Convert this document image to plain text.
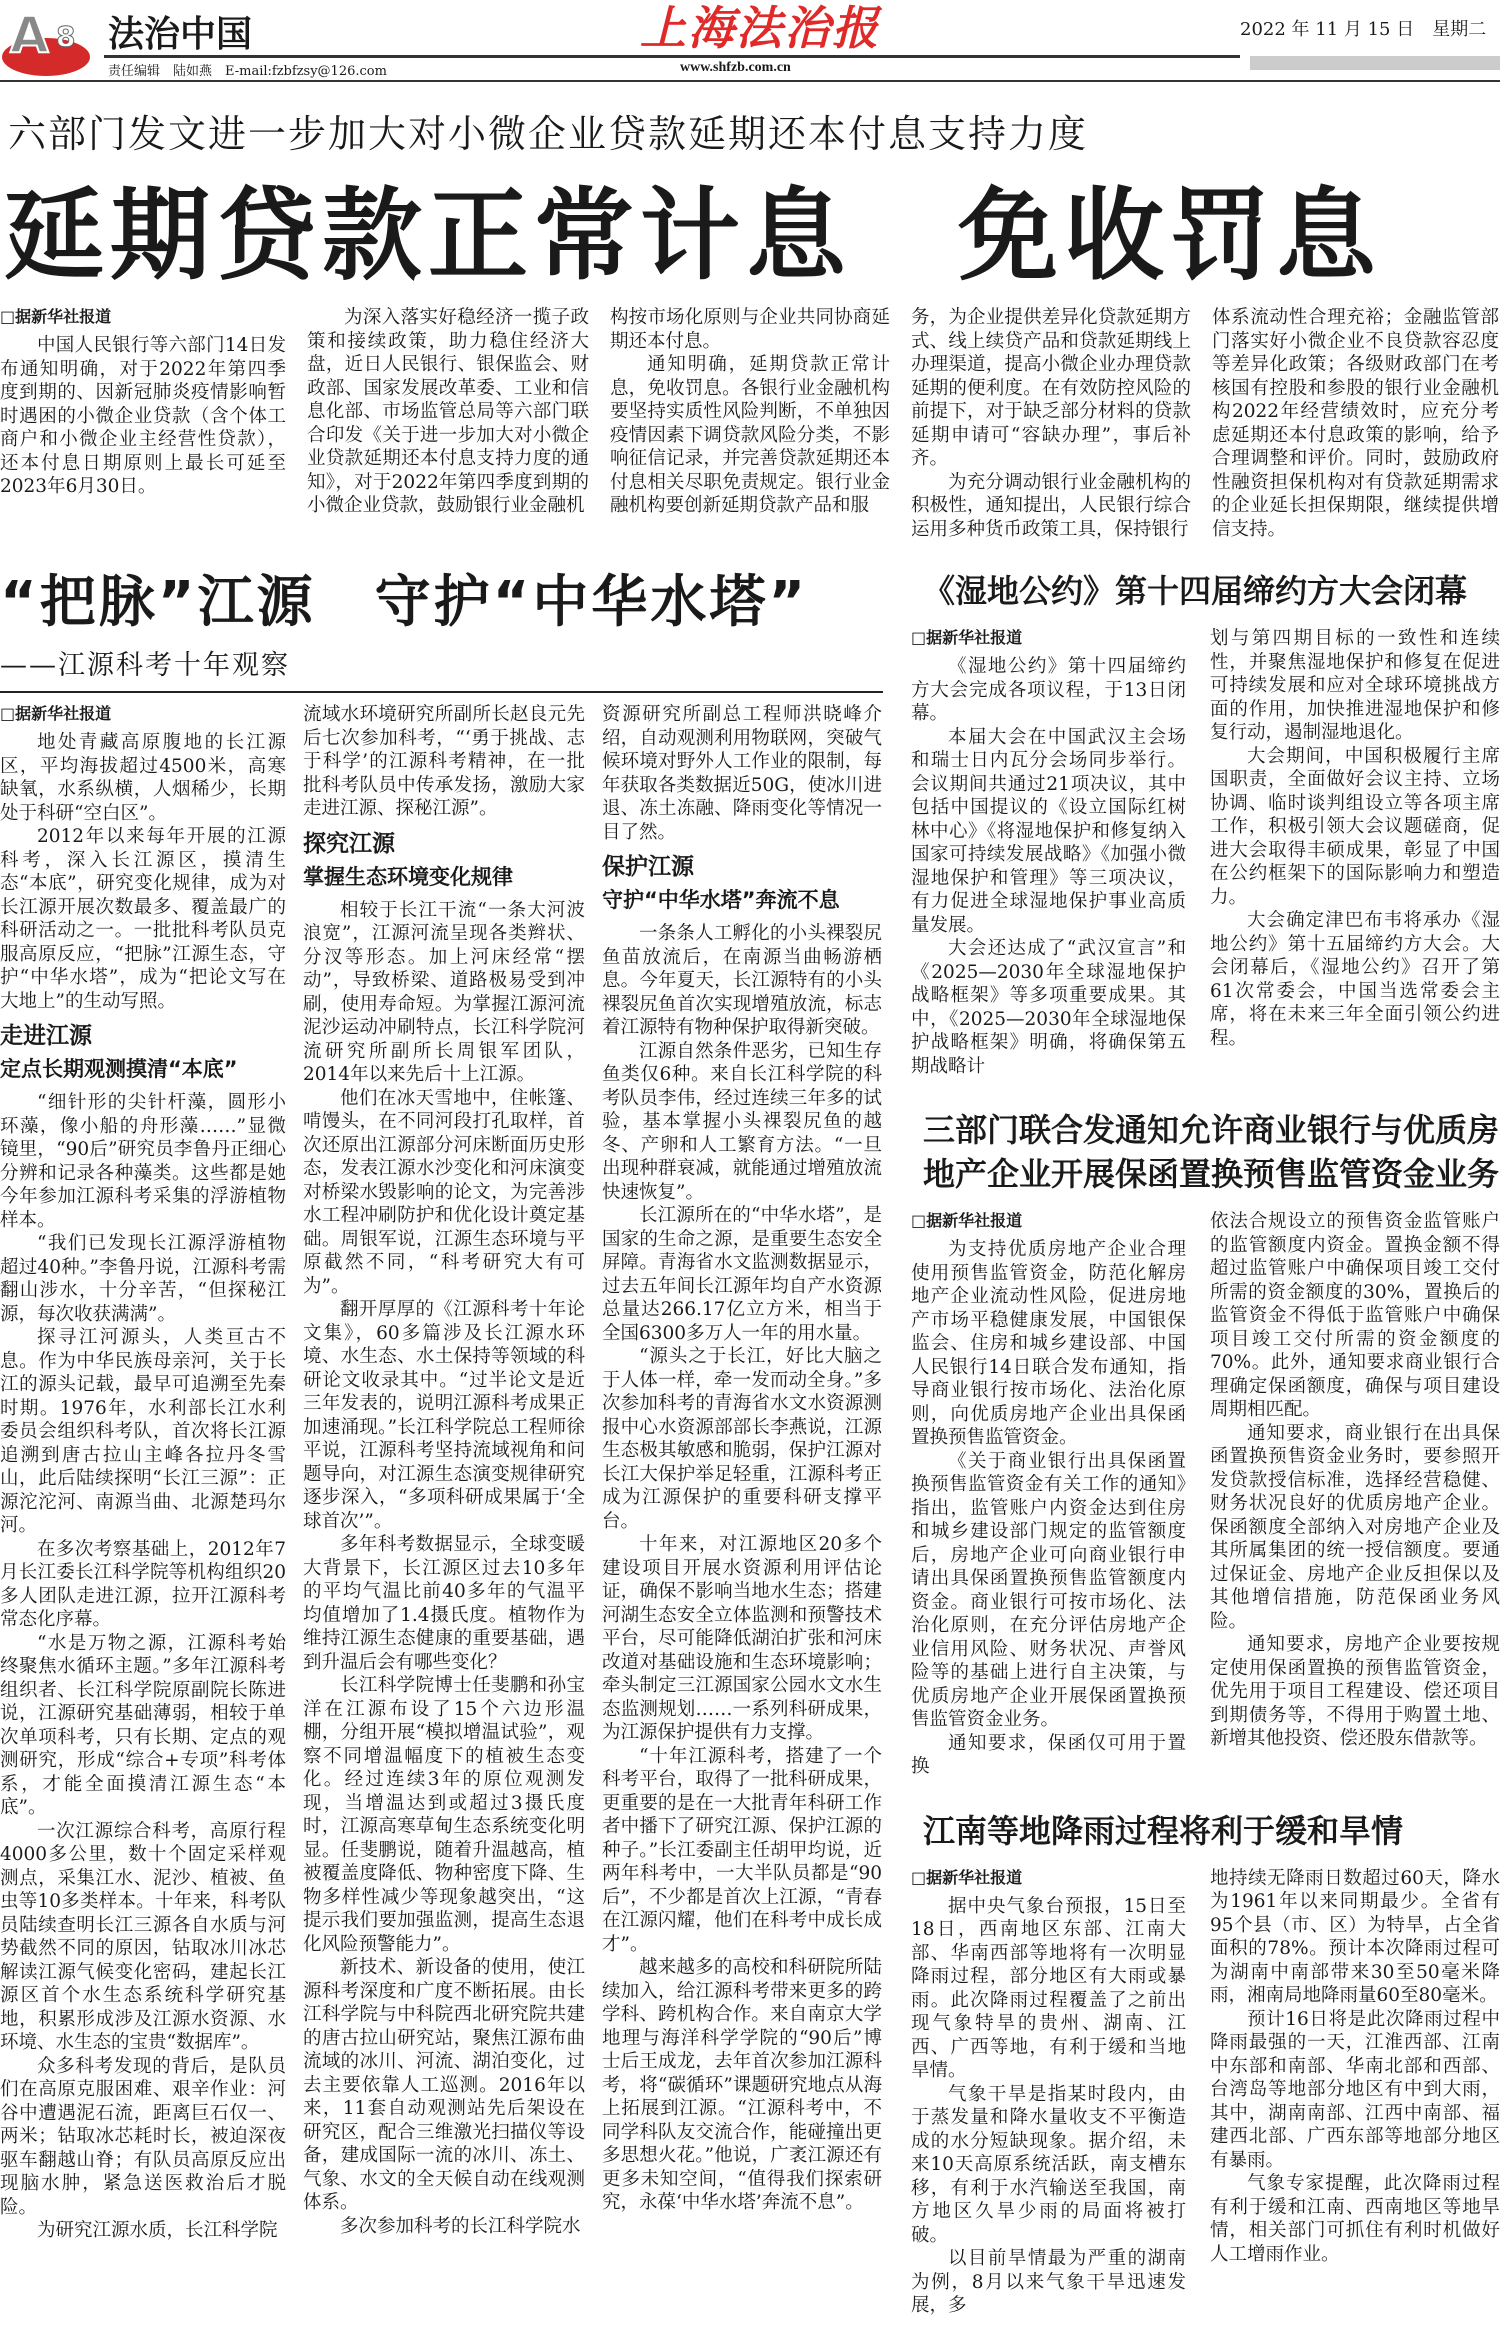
A 8 法治中国
责任编辑　陆如燕　E-mail:fzbfzsy@126.com
上海法治报
www.shfzb.com.cn
2022 年 11 月 15 日　星期二
六部门发文进一步加大对小微企业贷款延期还本付息支持力度
延期贷款正常计息　免收罚息

□据新华社报道

中国人民银行等六部门14日发布通知明确，对于2022年第四季度到期的、因新冠肺炎疫情影响暂时遇困的小微企业贷款（含个体工商户和小微企业主经营性贷款），还本付息日期原则上最长可延至2023年6月30日。

为深入落实好稳经济一揽子政策和接续政策，助力稳住经济大盘，近日人民银行、银保监会、财政部、国家发展改革委、工业和信息化部、市场监管总局等六部门联合印发《关于进一步加大对小微企业贷款延期还本付息支持力度的通知》，对于2022年第四季度到期的小微企业贷款，鼓励银行业金融机

构按市场化原则与企业共同协商延期还本付息。

通知明确，延期贷款正常计息，免收罚息。各银行业金融机构要坚持实质性风险判断，不单独因疫情因素下调贷款风险分类，不影响征信记录，并完善贷款延期还本付息相关尽职免责规定。银行业金融机构要创新延期贷款产品和服

务，为企业提供差异化贷款延期方式、线上续贷产品和贷款延期线上办理渠道，提高小微企业办理贷款延期的便利度。在有效防控风险的前提下，对于缺乏部分材料的贷款延期申请可“容缺办理”，事后补齐。

为充分调动银行业金融机构的积极性，通知提出，人民银行综合运用多种货币政策工具，保持银行

体系流动性合理充裕；金融监管部门落实好小微企业不良贷款容忍度等差异化政策；各级财政部门在考核国有控股和参股的银行业金融机构2022年经营绩效时，应充分考虑延期还本付息政策的影响，给予合理调整和评价。同时，鼓励政府性融资担保机构对有贷款延期需求的企业延长担保期限，继续提供增信支持。

“把脉”江源　守护“中华水塔”
——江源科考十年观察

□据新华社报道

地处青藏高原腹地的长江源区，平均海拔超过4500米，高寒缺氧，水系纵横，人烟稀少，长期处于科研“空白区”。

2012年以来每年开展的江源科考，深入长江源区，摸清生态“本底”，研究变化规律，成为对长江源开展次数最多、覆盖最广的科研活动之一。一批批科考队员克服高原反应，“把脉”江源生态，守护“中华水塔”，成为“把论文写在大地上”的生动写照。

走进江源
定点长期观测摸清“本底”

“细针形的尖针杆藻，圆形小环藻，像小船的舟形藻……”显微镜里，“90后”研究员李鲁丹正细心分辨和记录各种藻类。这些都是她今年参加江源科考采集的浮游植物样本。

“我们已发现长江源浮游植物超过40种。”李鲁丹说，江源科考需翻山涉水，十分辛苦，“但探秘江源，每次收获满满”。

探寻江河源头，人类亘古不息。作为中华民族母亲河，关于长江的源头记载，最早可追溯至先秦时期。1976年，水利部长江水利委员会组织科考队，首次将长江源追溯到唐古拉山主峰各拉丹冬雪山，此后陆续探明“长江三源”：正源沱沱河、南源当曲、北源楚玛尔河。

在多次考察基础上，2012年7月长江委长江科学院等机构组织20多人团队走进江源，拉开江源科考常态化序幕。

“水是万物之源，江源科考始终聚焦水循环主题。”多年江源科考组织者、长江科学院原副院长陈进说，江源研究基础薄弱，相较于单次单项科考，只有长期、定点的观测研究，形成“综合+专项”科考体系，才能全面摸清江源生态“本底”。

一次江源综合科考，高原行程4000多公里，数十个固定采样观测点，采集江水、泥沙、植被、鱼虫等10多类样本。十年来，科考队员陆续查明长江三源各自水质与河势截然不同的原因，钻取冰川冰芯解读江源气候变化密码，建起长江源区首个水生态系统科学研究基地，积累形成涉及江源水资源、水环境、水生态的宝贵“数据库”。

众多科考发现的背后，是队员们在高原克服困难、艰辛作业：河谷中遭遇泥石流，距离巨石仅一、两米；钻取冰芯耗时长，被迫深夜驱车翻越山脊；有队员高原反应出现脑水肿，紧急送医救治后才脱险。

为研究江源水质，长江科学院

流域水环境研究所副所长赵良元先后七次参加科考，“‘勇于挑战、志于科学’的江源科考精神，在一批批科考队员中传承发扬，激励大家走进江源、探秘江源”。

探究江源
掌握生态环境变化规律

相较于长江干流“一条大河波浪宽”，江源河流呈现各类辫状、分汊等形态。加上河床经常“摆动”，导致桥梁、道路极易受到冲刷，使用寿命短。为掌握江源河流泥沙运动冲刷特点，长江科学院河流研究所副所长周银军团队，2014年以来先后十上江源。

他们在冰天雪地中，住帐篷、啃馒头，在不同河段打孔取样，首次还原出江源部分河床断面历史形态，发表江源水沙变化和河床演变对桥梁水毁影响的论文，为完善涉水工程冲刷防护和优化设计奠定基础。周银军说，江源生态环境与平原截然不同，“科考研究大有可为”。

翻开厚厚的《江源科考十年论文集》，60多篇涉及长江源水环境、水生态、水土保持等领域的科研论文收录其中。“过半论文是近三年发表的，说明江源科考成果正加速涌现。”长江科学院总工程师徐平说，江源科考坚持流域视角和问题导向，对江源生态演变规律研究逐步深入，“多项科研成果属于‘全球首次’”。

多年科考数据显示，全球变暖大背景下，长江源区过去10多年的平均气温比前40多年的气温平均值增加了1.4摄氏度。植物作为维持江源生态健康的重要基础，遇到升温后会有哪些变化？

长江科学院博士任斐鹏和孙宝洋在江源布设了15个六边形温棚，分组开展“模拟增温试验”，观察不同增温幅度下的植被生态变化。经过连续3年的原位观测发现，当增温达到或超过3摄氏度时，江源高寒草甸生态系统变化明显。任斐鹏说，随着升温越高，植被覆盖度降低、物种密度下降、生物多样性减少等现象越突出，“这提示我们要加强监测，提高生态退化风险预警能力”。

新技术、新设备的使用，使江源科考深度和广度不断拓展。由长江科学院与中科院西北研究院共建的唐古拉山研究站，聚焦江源布曲流域的冰川、河流、湖泊变化，过去主要依靠人工巡测。2016年以来，11套自动观测站先后架设在研究区，配合三维激光扫描仪等设备，建成国际一流的冰川、冻土、气象、水文的全天候自动在线观测体系。

多次参加科考的长江科学院水

资源研究所副总工程师洪晓峰介绍，自动观测利用物联网，突破气候环境对野外人工作业的限制，每年获取各类数据近50G，使冰川进退、冻土冻融、降雨变化等情况一目了然。

保护江源
守护“中华水塔”奔流不息

一条条人工孵化的小头裸裂尻鱼苗放流后，在南源当曲畅游栖息。今年夏天，长江源特有的小头裸裂尻鱼首次实现增殖放流，标志着江源特有物种保护取得新突破。

江源自然条件恶劣，已知生存鱼类仅6种。来自长江科学院的科考队员李伟，经过连续三年多的试验，基本掌握小头裸裂尻鱼的越冬、产卵和人工繁育方法。“一旦出现种群衰减，就能通过增殖放流快速恢复”。

长江源所在的“中华水塔”，是国家的生命之源，是重要生态安全屏障。青海省水文监测数据显示，过去五年间长江源年均自产水资源总量达266.17亿立方米，相当于全国6300多万人一年的用水量。

“源头之于长江，好比大脑之于人体一样，牵一发而动全身。”多次参加科考的青海省水文水资源测报中心水资源部部长李燕说，江源生态极其敏感和脆弱，保护江源对长江大保护举足轻重，江源科考正成为江源保护的重要科研支撑平台。

十年来，对江源地区20多个建设项目开展水资源利用评估论证，确保不影响当地水生态；搭建河湖生态安全立体监测和预警技术平台，尽可能降低湖泊扩张和河床改道对基础设施和生态环境影响；牵头制定三江源国家公园水文水生态监测规划……一系列科研成果，为江源保护提供有力支撑。

“十年江源科考，搭建了一个科考平台，取得了一批科研成果，更重要的是在一大批青年科研工作者中播下了研究江源、保护江源的种子。”长江委副主任胡甲均说，近两年科考中，一大半队员都是“90后”，不少都是首次上江源，“青春在江源闪耀，他们在科考中成长成才”。

越来越多的高校和科研院所陆续加入，给江源科考带来更多的跨学科、跨机构合作。来自南京大学地理与海洋科学学院的“90后”博士后王成龙，去年首次参加江源科考，将“碳循环”课题研究地点从海上拓展到江源。“江源科考中，不同学科队友交流合作，能碰撞出更多思想火花。”他说，广袤江源还有更多未知空间，“值得我们探索研究，永葆‘中华水塔’奔流不息”。

《湿地公约》第十四届缔约方大会闭幕

□据新华社报道

《湿地公约》第十四届缔约方大会完成各项议程，于13日闭幕。

本届大会在中国武汉主会场和瑞士日内瓦分会场同步举行。会议期间共通过21项决议，其中包括中国提议的《设立国际红树林中心》《将湿地保护和修复纳入国家可持续发展战略》《加强小微湿地保护和管理》等三项决议，有力促进全球湿地保护事业高质量发展。

大会还达成了“武汉宣言”和《2025—2030年全球湿地保护战略框架》等多项重要成果。其中，《2025—2030年全球湿地保护战略框架》明确，将确保第五期战略计

划与第四期目标的一致性和连续性，并聚焦湿地保护和修复在促进可持续发展和应对全球环境挑战方面的作用，加快推进湿地保护和修复行动，遏制湿地退化。

大会期间，中国积极履行主席国职责，全面做好会议主持、立场协调、临时谈判组设立等各项主席工作，积极引领大会议题磋商，促进大会取得丰硕成果，彰显了中国在公约框架下的国际影响力和塑造力。

大会确定津巴布韦将承办《湿地公约》第十五届缔约方大会。大会闭幕后，《湿地公约》召开了第61次常委会，中国当选常委会主席，将在未来三年全面引领公约进程。

三部门联合发通知允许商业银行与优质房
地产企业开展保函置换预售监管资金业务

□据新华社报道

为支持优质房地产企业合理使用预售监管资金，防范化解房地产企业流动性风险，促进房地产市场平稳健康发展，中国银保监会、住房和城乡建设部、中国人民银行14日联合发布通知，指导商业银行按市场化、法治化原则，向优质房地产企业出具保函置换预售监管资金。

《关于商业银行出具保函置换预售监管资金有关工作的通知》指出，监管账户内资金达到住房和城乡建设部门规定的监管额度后，房地产企业可向商业银行申请出具保函置换预售监管额度内资金。商业银行可按市场化、法治化原则，在充分评估房地产企业信用风险、财务状况、声誉风险等的基础上进行自主决策，与优质房地产企业开展保函置换预售监管资金业务。

通知要求，保函仅可用于置换

依法合规设立的预售资金监管账户的监管额度内资金。置换金额不得超过监管账户中确保项目竣工交付所需的资金额度的30%，置换后的监管资金不得低于监管账户中确保项目竣工交付所需的资金额度的70%。此外，通知要求商业银行合理确定保函额度，确保与项目建设周期相匹配。

通知要求，商业银行在出具保函置换预售资金业务时，要参照开发贷款授信标准，选择经营稳健、财务状况良好的优质房地产企业。保函额度全部纳入对房地产企业及其所属集团的统一授信额度。要通过保证金、房地产企业反担保以及其他增信措施，防范保函业务风险。

通知要求，房地产企业要按规定使用保函置换的预售监管资金，优先用于项目工程建设、偿还项目到期债务等，不得用于购置土地、新增其他投资、偿还股东借款等。

江南等地降雨过程将利于缓和旱情

□据新华社报道

据中央气象台预报，15日至18日，西南地区东部、江南大部、华南西部等地将有一次明显降雨过程，部分地区有大雨或暴雨。此次降雨过程覆盖了之前出现气象特旱的贵州、湖南、江西、广西等地，有利于缓和当地旱情。

气象干旱是指某时段内，由于蒸发量和降水量收支不平衡造成的水分短缺现象。据介绍，未来10天高原系统活跃，南支槽东移，有利于水汽输送至我国，南方地区久旱少雨的局面将被打破。

以目前旱情最为严重的湖南为例，8月以来气象干旱迅速发展，多

地持续无降雨日数超过60天，降水为1961年以来同期最少。全省有95个县（市、区）为特旱，占全省面积的78%。预计本次降雨过程可为湖南中南部带来30至50毫米降雨，湘南局地降雨量60至80毫米。

预计16日将是此次降雨过程中降雨最强的一天，江淮西部、江南中东部和南部、华南北部和西部、台湾岛等地部分地区有中到大雨，其中，湖南南部、江西中南部、福建西北部、广西东部等地部分地区有暴雨。

气象专家提醒，此次降雨过程有利于缓和江南、西南地区等地旱情，相关部门可抓住有利时机做好人工增雨作业。
